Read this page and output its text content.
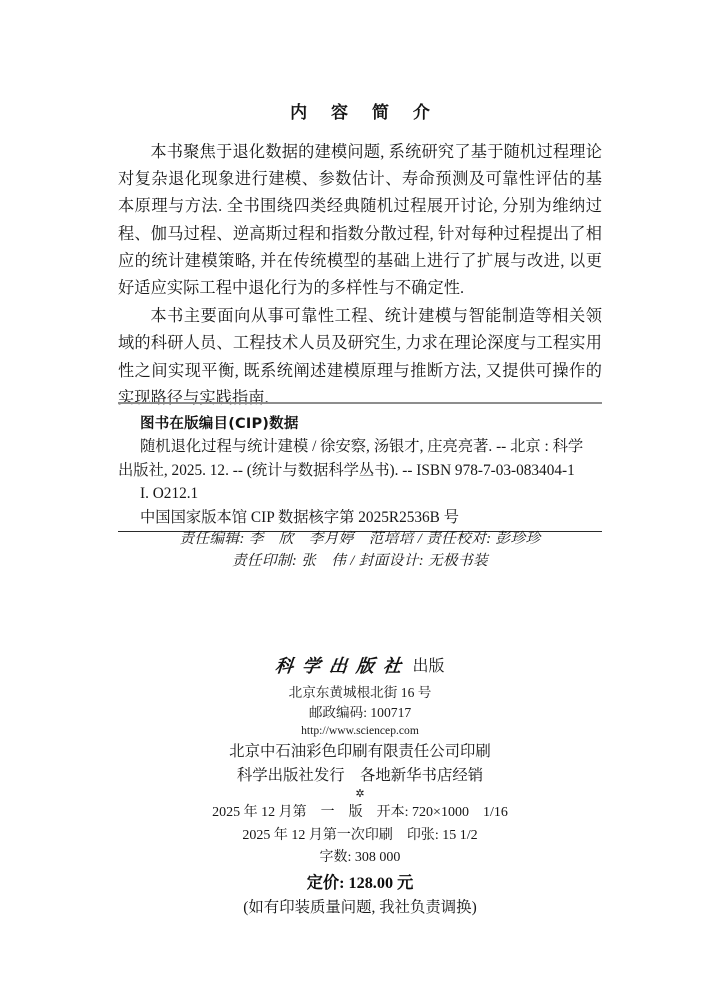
内 容 简 介

本书聚焦于退化数据的建模问题, 系统研究了基于随机过程理论对复杂退化现象进行建模、参数估计、寿命预测及可靠性评估的基本原理与方法. 全书围绕四类经典随机过程展开讨论, 分别为维纳过程、伽马过程、逆高斯过程和指数分散过程, 针对每种过程提出了相应的统计建模策略, 并在传统模型的基础上进行了扩展与改进, 以更好适应实际工程中退化行为的多样性与不确定性.

本书主要面向从事可靠性工程、统计建模与智能制造等相关领域的科研人员、工程技术人员及研究生, 力求在理论深度与工程实用性之间实现平衡, 既系统阐述建模原理与推断方法, 又提供可操作的实现路径与实践指南.

图书在版编目(CIP)数据
随机退化过程与统计建模 / 徐安察, 汤银才, 庄亮亮著. -- 北京 : 科学
出版社, 2025. 12. -- (统计与数据科学丛书). -- ISBN 978-7-03-083404-1
I. O212.1
中国国家版本馆 CIP 数据核字第 2025R2536B 号
责任编辑: 李　欣　李月婷　范培培 / 责任校对: 彭珍珍
责任印制: 张　伟 / 封面设计: 无极书装
科学出版社出版
北京东黄城根北街 16 号
邮政编码: 100717
http://www.sciencep.com
北京中石油彩色印刷有限责任公司印刷
科学出版社发行　各地新华书店经销
✲
2025 年 12 月第　一　版　 开本: 720×1000　1/16
2025 年 12 月第一次印刷　 印张: 15 1/2
字数: 308 000
定价: 128.00 元
(如有印装质量问题, 我社负责调换)
